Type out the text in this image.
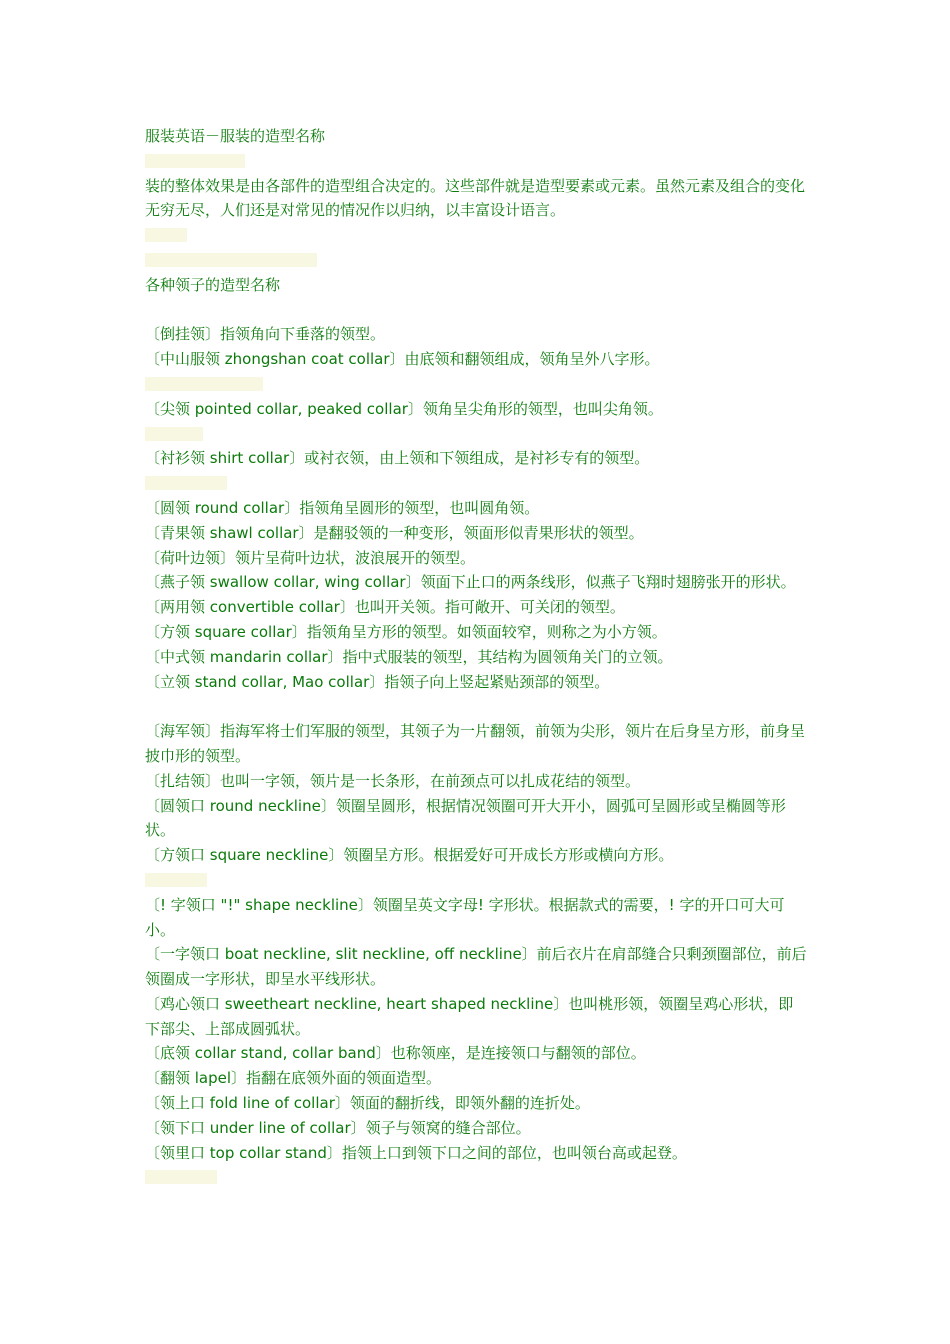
服装英语－服装的造型名称
装的整体效果是由各部件的造型组合决定的。这些部件就是造型要素或元素。虽然元素及组合的变化无穷无尽，人们还是对常见的情况作以归纳，以丰富设计语言。
各种领子的造型名称
〔倒挂领〕指领角向下垂落的领型。
〔中山服领 zhongshan coat collar〕由底领和翻领组成，领角呈外八字形。
〔尖领 pointed collar, peaked collar〕领角呈尖角形的领型，也叫尖角领。
〔衬衫领 shirt collar〕或衬衣领，由上领和下领组成，是衬衫专有的领型。
〔圆领 round collar〕指领角呈圆形的领型，也叫圆角领。
〔青果领 shawl collar〕是翻驳领的一种变形，领面形似青果形状的领型。
〔荷叶边领〕领片呈荷叶边状，波浪展开的领型。
〔燕子领 swallow collar, wing collar〕领面下止口的两条线形，似燕子飞翔时翅膀张开的形状。
〔两用领 convertible collar〕也叫开关领。指可敞开、可关闭的领型。
〔方领 square collar〕指领角呈方形的领型。如领面较窄，则称之为小方领。
〔中式领 mandarin collar〕指中式服装的领型，其结构为圆领角关门的立领。
〔立领 stand collar, Mao collar〕指领子向上竖起紧贴颈部的领型。
〔海军领〕指海军将士们军服的领型，其领子为一片翻领，前领为尖形，领片在后身呈方形，前身呈披巾形的领型。
〔扎结领〕也叫一字领，领片是一长条形，在前颈点可以扎成花结的领型。
〔圆领口 round neckline〕领圈呈圆形，根据情况领圈可开大开小，圆弧可呈圆形或呈椭圆等形状。
〔方领口 square neckline〕领圈呈方形。根据爱好可开成长方形或横向方形。
〔! 字领口 "!" shape neckline〕领圈呈英文字母! 字形状。根据款式的需要，! 字的开口可大可小。
〔一字领口 boat neckline, slit neckline, off neckline〕前后衣片在肩部缝合只剩颈圈部位，前后领圈成一字形状，即呈水平线形状。
〔鸡心领口 sweetheart neckline, heart shaped neckline〕也叫桃形领，领圈呈鸡心形状，即下部尖、上部成圆弧状。
〔底领 collar stand, collar band〕也称领座，是连接领口与翻领的部位。
〔翻领 lapel〕指翻在底领外面的领面造型。
〔领上口 fold line of collar〕领面的翻折线，即领外翻的连折处。
〔领下口 under line of collar〕领子与领窝的缝合部位。
〔领里口 top collar stand〕指领上口到领下口之间的部位，也叫领台高或起登。
